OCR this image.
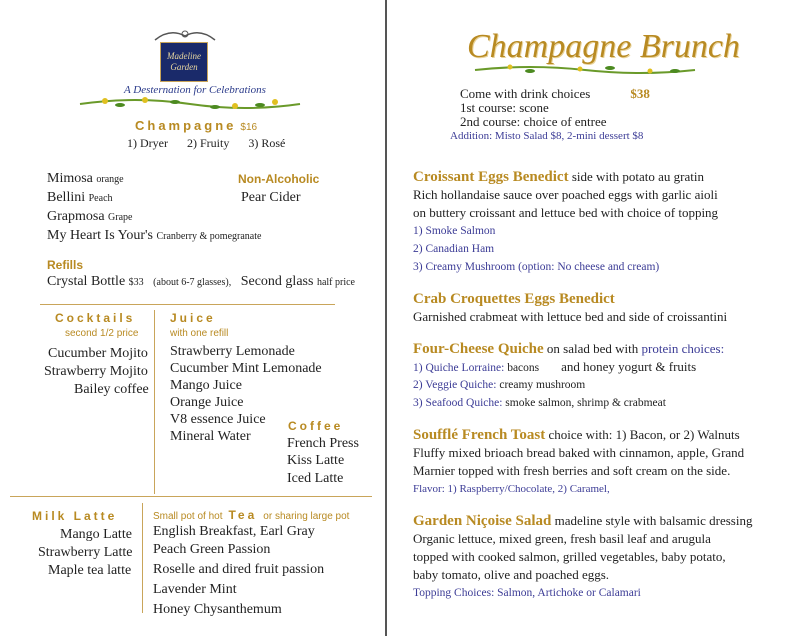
Madeline Garden
A Desternation for Celebrations
Champagne $16
1) Dryer 2) Fruity 3) Rosé
Mimosa orange
Bellini Peach
Grapmosa Grape
My Heart Is Your's Cranberry & pomegranate
Non-Alcoholic
Pear Cider
Refills
Crystal Bottle $33 (about 6-7 glasses), Second glass half price
Cocktails
second 1/2 price
Cucumber Mojito
Strawberry Mojito
Bailey coffee
Juice
with one refill
Strawberry Lemonade
Cucumber Mint Lemonade
Mango Juice
Orange Juice
V8 essence Juice
Mineral Water
Coffee
French Press
Kiss Latte
Iced Latte
Milk Latte
Mango Latte
Strawberry Latte
Maple tea latte
Small pot of hot Tea or sharing large pot
English Breakfast, Earl Gray
Peach Green Passion
Roselle and dired fruit passion
Lavender Mint
Honey Chysanthemum
Champagne Brunch
Come with drink choices	$38
1st course: scone
2nd course: choice of entree
Addition: Misto Salad $8, 2-mini dessert $8
Croissant Eggs Benedict side with potato au gratin
Rich hollandaise sauce over poached eggs with garlic aioli
on buttery croissant and lettuce bed with choice of topping
1) Smoke Salmon
2) Canadian Ham
3) Creamy Mushroom (option: No cheese and cream)
Crab Croquettes Eggs Benedict
Garnished crabmeat with lettuce bed and side of croissantini
Four-Cheese Quiche on salad bed with protein choices:
1) Quiche Lorraine: bacons and honey yogurt & fruits
2) Veggie Quiche: creamy mushroom
3) Seafood Quiche: smoke salmon, shrimp & crabmeat
Soufflé French Toast choice with: 1) Bacon, or 2) Walnuts
Fluffy mixed brioach bread baked with cinnamon, apple, Grand
Marnier topped with fresh berries and soft cream on the side.
Flavor: 1) Raspberry/Chocolate, 2) Caramel,
Garden Niçoise Salad madeline style with balsamic dressing
Organic lettuce, mixed green, fresh basil leaf and arugula
topped with cooked salmon, grilled vegetables, baby potato,
baby tomato, olive and poached eggs.
Topping Choices: Salmon, Artichoke or Calamari
